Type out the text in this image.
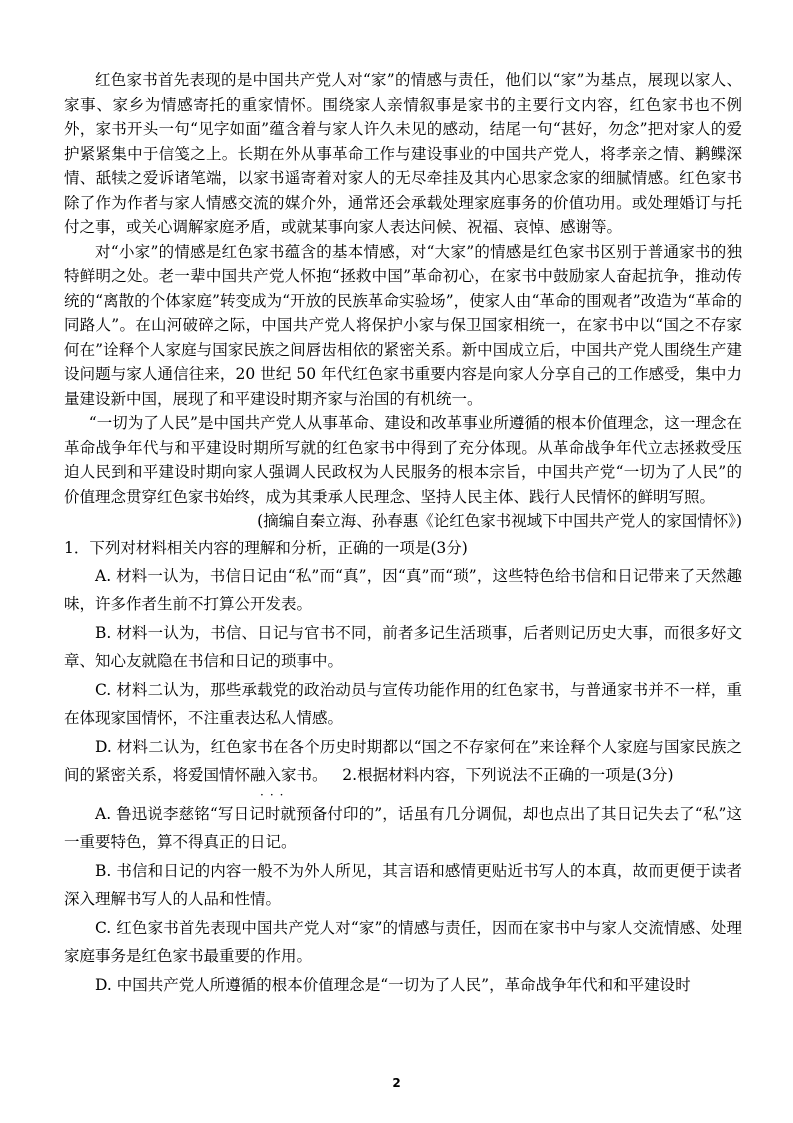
红色家书首先表现的是中国共产党人对“家”的情感与责任，他们以“家”为基点，展现以家人、家事、家乡为情感寄托的重家情怀。围绕家人亲情叙事是家书的主要行文内容，红色家书也不例外，家书开头一句“见字如面”蕴含着与家人许久未见的感动，结尾一句“甚好，勿念”把对家人的爱护紧紧集中于信笺之上。长期在外从事革命工作与建设事业的中国共产党人，将孝亲之情、鹣鲽深情、舐犊之爱诉诸笔端，以家书遥寄着对家人的无尽牵挂及其内心思家念家的细腻情感。红色家书除了作为作者与家人情感交流的媒介外，通常还会承载处理家庭事务的价值功用。或处理婚订与托付之事，或关心调解家庭矛盾，或就某事向家人表达问候、祝福、哀悼、感谢等。

对“小家”的情感是红色家书蕴含的基本情感，对“大家”的情感是红色家书区别于普通家书的独特鲜明之处。老一辈中国共产党人怀抱“拯救中国”革命初心，在家书中鼓励家人奋起抗争，推动传统的“离散的个体家庭”转变成为“开放的民族革命实验场”，使家人由“革命的围观者”改造为“革命的同路人”。在山河破碎之际，中国共产党人将保护小家与保卫国家相统一，在家书中以“国之不存家何在”诠释个人家庭与国家民族之间唇齿相依的紧密关系。新中国成立后，中国共产党人围绕生产建设问题与家人通信往来，20 世纪 50 年代红色家书重要内容是向家人分享自己的工作感受，集中力量建设新中国，展现了和平建设时期齐家与治国的有机统一。

“一切为了人民”是中国共产党人从事革命、建设和改革事业所遵循的根本价值理念，这一理念在革命战争年代与和平建设时期所写就的红色家书中得到了充分体现。从革命战争年代立志拯救受压迫人民到和平建设时期向家人强调人民政权为人民服务的根本宗旨，中国共产党“一切为了人民”的价值理念贯穿红色家书始终，成为其秉承人民理念、坚持人民主体、践行人民情怀的鲜明写照。

(摘编自秦立海、孙春惠《论红色家书视域下中国共产党人的家国情怀》)

1．下列对材料相关内容的理解和分析，正确的一项是(3分)

A. 材料一认为，书信日记由“私”而“真”，因“真”而“琐”，这些特色给书信和日记带来了天然趣味，许多作者生前不打算公开发表。

B. 材料一认为，书信、日记与官书不同，前者多记生活琐事，后者则记历史大事，而很多好文章、知心友就隐在书信和日记的琐事中。

C. 材料二认为，那些承载党的政治动员与宣传功能作用的红色家书，与普通家书并不一样，重在体现家国情怀，不注重表达私人情感。

D. 材料二认为，红色家书在各个历史时期都以“国之不存家何在”来诠释个人家庭与国家民族之间的紧密关系，将爱国情怀融入家书。   2.根据材料内容，下列说法不正确的一项是(3分)

···

A. 鲁迅说李慈铭“写日记时就预备付印的”，话虽有几分调侃，却也点出了其日记失去了“私”这一重要特色，算不得真正的日记。

B. 书信和日记的内容一般不为外人所见，其言语和感情更贴近书写人的本真，故而更便于读者深入理解书写人的人品和性情。

C. 红色家书首先表现中国共产党人对“家”的情感与责任，因而在家书中与家人交流情感、处理家庭事务是红色家书最重要的作用。

D. 中国共产党人所遵循的根本价值理念是“一切为了人民”，革命战争年代和和平建设时

2
